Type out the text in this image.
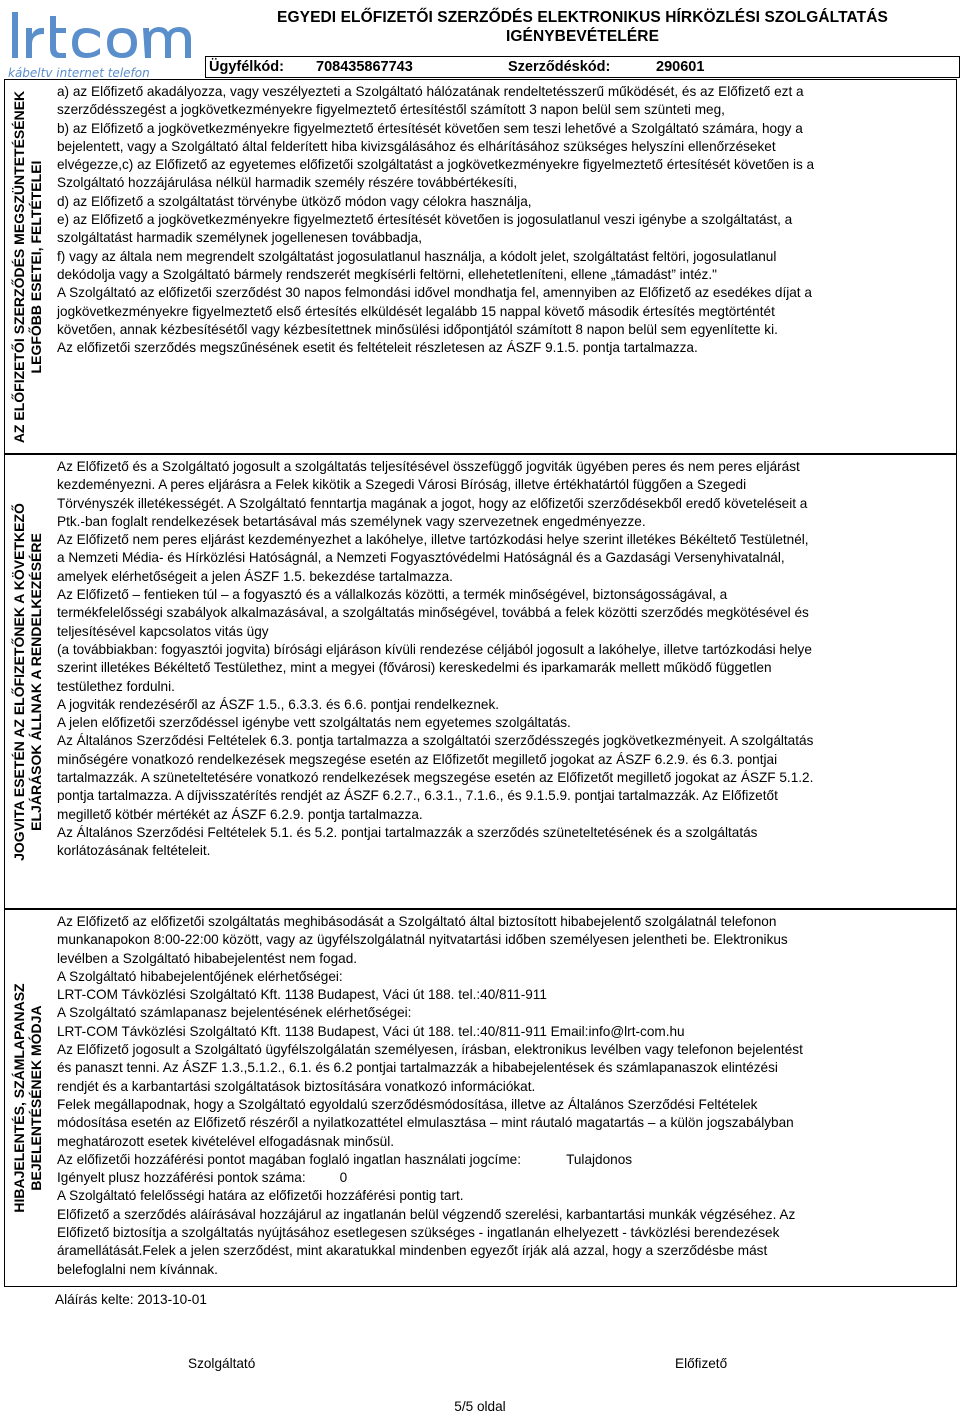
kábeltv internet telefon
EGYEDI ELŐFIZETŐI SZERZŐDÉS ELEKTRONIKUS HÍRKÖZLÉSI SZOLGÁLTATÁS
IGÉNYBEVÉTELÉRE
Ügyfélkód: 708435867743	Szerződéskód:	290601
AZ ELŐFIZETŐI SZERZŐDÉS MEGSZÜNTETÉSÉNEK LEGFŐBB ESETEI, FELTÉTELEI

a) az Előfizető akadályozza, vagy veszélyezteti a Szolgáltató hálózatának rendeltetésszerű működését, és az Előfizető ezt a

szerződésszegést a jogkövetkezményekre figyelmeztető értesítéstől számított 3 napon belül sem szünteti meg,

b) az Előfizető a jogkövetkezményekre figyelmeztető értesítését követően sem teszi lehetővé a Szolgáltató számára, hogy a

bejelentett, vagy a Szolgáltató által felderített hiba kivizsgálásához és elhárításához szükséges helyszíni ellenőrzéseket

elvégezze,c) az Előfizető az egyetemes előfizetői szolgáltatást a jogkövetkezményekre figyelmeztető értesítését követően is a

Szolgáltató hozzájárulása nélkül harmadik személy részére továbbértékesíti,

d) az Előfizető a szolgáltatást törvénybe ütköző módon vagy célokra használja,

e) az Előfizető a jogkövetkezményekre figyelmeztető értesítését követően is jogosulatlanul veszi igénybe a szolgáltatást, a

szolgáltatást harmadik személynek jogellenesen továbbadja,

f) vagy az általa nem megrendelt szolgáltatást jogosulatlanul használja, a kódolt jelet, szolgáltatást feltöri, jogosulatlanul

dekódolja vagy a Szolgáltató bármely rendszerét megkísérli feltörni, ellehetetleníteni, ellene „támadást” intéz."

A Szolgáltató az előfizetői szerződést 30 napos felmondási idővel mondhatja fel, amennyiben az Előfizető az esedékes díjat a

jogkövetkezményekre figyelmeztető első értesítés elküldését legalább 15 nappal követő második értesítés megtörténtét

követően, annak kézbesítésétől vagy kézbesítettnek minősülési időpontjától számított 8 napon belül sem egyenlítette ki.

Az előfizetői szerződés megszűnésének esetit és feltételeit részletesen az ÁSZF 9.1.5. pontja tartalmazza.

JOGVITA ESETÉN AZ ELŐFIZETŐNEK A KÖVETKEZŐ ELJÁRÁSOK ÁLLNAK A RENDELKEZÉSÉRE

Az Előfizető és a Szolgáltató jogosult a szolgáltatás teljesítésével összefüggő jogviták ügyében peres és nem peres eljárást

kezdeményezni. A peres eljárásra a Felek kikötik a Szegedi Városi Bíróság, illetve értékhatártól függően a Szegedi

Törvényszék illetékességét. A Szolgáltató fenntartja magának a jogot, hogy az előfizetői szerződésekből eredő követeléseit a

Ptk.-ban foglalt rendelkezések betartásával más személynek vagy szervezetnek engedményezze.

Az Előfizető nem peres eljárást kezdeményezhet a lakóhelye, illetve tartózkodási helye szerint illetékes Békéltető Testületnél,

a Nemzeti Média- és Hírközlési Hatóságnál, a Nemzeti Fogyasztóvédelmi Hatóságnál és a Gazdasági Versenyhivatalnál,

amelyek elérhetőségeit a jelen ÁSZF 1.5. bekezdése tartalmazza.

Az Előfizető – fentieken túl – a fogyasztó és a vállalkozás közötti, a termék minőségével, biztonságosságával, a

termékfelelősségi szabályok alkalmazásával, a szolgáltatás minőségével, továbbá a felek közötti szerződés megkötésével és

teljesítésével kapcsolatos vitás ügy

(a továbbiakban: fogyasztói jogvita) bírósági eljáráson kívüli rendezése céljából jogosult a lakóhelye, illetve tartózkodási helye

szerint illetékes Békéltető Testülethez, mint a megyei (fővárosi) kereskedelmi és iparkamarák mellett működő független

testülethez fordulni.

A jogviták rendezéséről az ÁSZF 1.5., 6.3.3. és 6.6. pontjai rendelkeznek.

A jelen előfizetői szerződéssel igénybe vett szolgáltatás nem egyetemes szolgáltatás.

Az Általános Szerződési Feltételek 6.3. pontja tartalmazza a szolgáltatói szerződésszegés jogkövetkezményeit. A szolgáltatás

minőségére vonatkozó rendelkezések megszegése esetén az Előfizetőt megillető jogokat az ÁSZF 6.2.9. és 6.3. pontjai

tartalmazzák. A szüneteltetésére vonatkozó rendelkezések megszegése esetén az Előfizetőt megillető jogokat az ÁSZF 5.1.2.

pontja tartalmazza. A díjvisszatérítés rendjét az ÁSZF 6.2.7., 6.3.1., 7.1.6., és 9.1.5.9. pontjai tartalmazzák. Az Előfizetőt

megillető kötbér mértékét az ÁSZF 6.2.9. pontja tartalmazza.

Az Általános Szerződési Feltételek 5.1. és 5.2. pontjai tartalmazzák a szerződés szüneteltetésének és a szolgáltatás

korlátozásának feltételeit.

HIBAJELENTÉS, SZÁMLAPANASZ BEJELENTÉSÉNEK MÓDJA

Az Előfizető az előfizetői szolgáltatás meghibásodását a Szolgáltató által biztosított hibabejelentő szolgálatnál telefonon

munkanapokon 8:00-22:00 között, vagy az ügyfélszolgálatnál nyitvatartási időben személyesen jelentheti be. Elektronikus

levélben a Szolgáltató hibabejelentést nem fogad.

A Szolgáltató hibabejelentőjének elérhetőségei:

LRT-COM Távközlési Szolgáltató Kft. 1138 Budapest, Váci út 188. tel.:40/811-911

A Szolgáltató számlapanasz bejelentésének elérhetőségei:

LRT-COM Távközlési Szolgáltató Kft. 1138 Budapest, Váci út 188. tel.:40/811-911 Email:info@lrt-com.hu

Az Előfizető jogosult a Szolgáltató ügyfélszolgálatán személyesen, írásban, elektronikus levélben vagy telefonon bejelentést

és panaszt tenni. Az ÁSZF 1.3.,5.1.2., 6.1. és 6.2 pontjai tartalmazzák a hibabejelentések és számlapanaszok elintézési

rendjét és a karbantartási szolgáltatások biztosítására vonatkozó információkat.

Felek megállapodnak, hogy a Szolgáltató egyoldalú szerződésmódosítása, illetve az Általános Szerződési Feltételek

módosítása esetén az Előfizető részéről a nyilatkozattétel elmulasztása – mint ráutaló magatartás – a külön jogszabályban

meghatározott esetek kivételével elfogadásnak minősül.

Az előfizetői hozzáférési pontot magában foglaló ingatlan használati jogcíme:	Tulajdonos

Igényelt plusz hozzáférési pontok száma:	0

A Szolgáltató felelősségi határa az előfizetői hozzáférési pontig tart.

Előfizető a szerződés aláírásával hozzájárul az ingatlanán belül végzendő szerelési, karbantartási munkák végzéséhez. Az

Előfizető biztosítja a szolgáltatás nyújtásához esetlegesen szükséges - ingatlanán elhelyezett - távközlési berendezések

áramellátását.Felek a jelen szerződést, mint akaratukkal mindenben egyezőt írják alá azzal, hogy a szerződésbe mást

belefoglalni nem kívánnak.

Aláírás kelte: 2013-10-01
Szolgáltató	Előfizető
5/5 oldal
